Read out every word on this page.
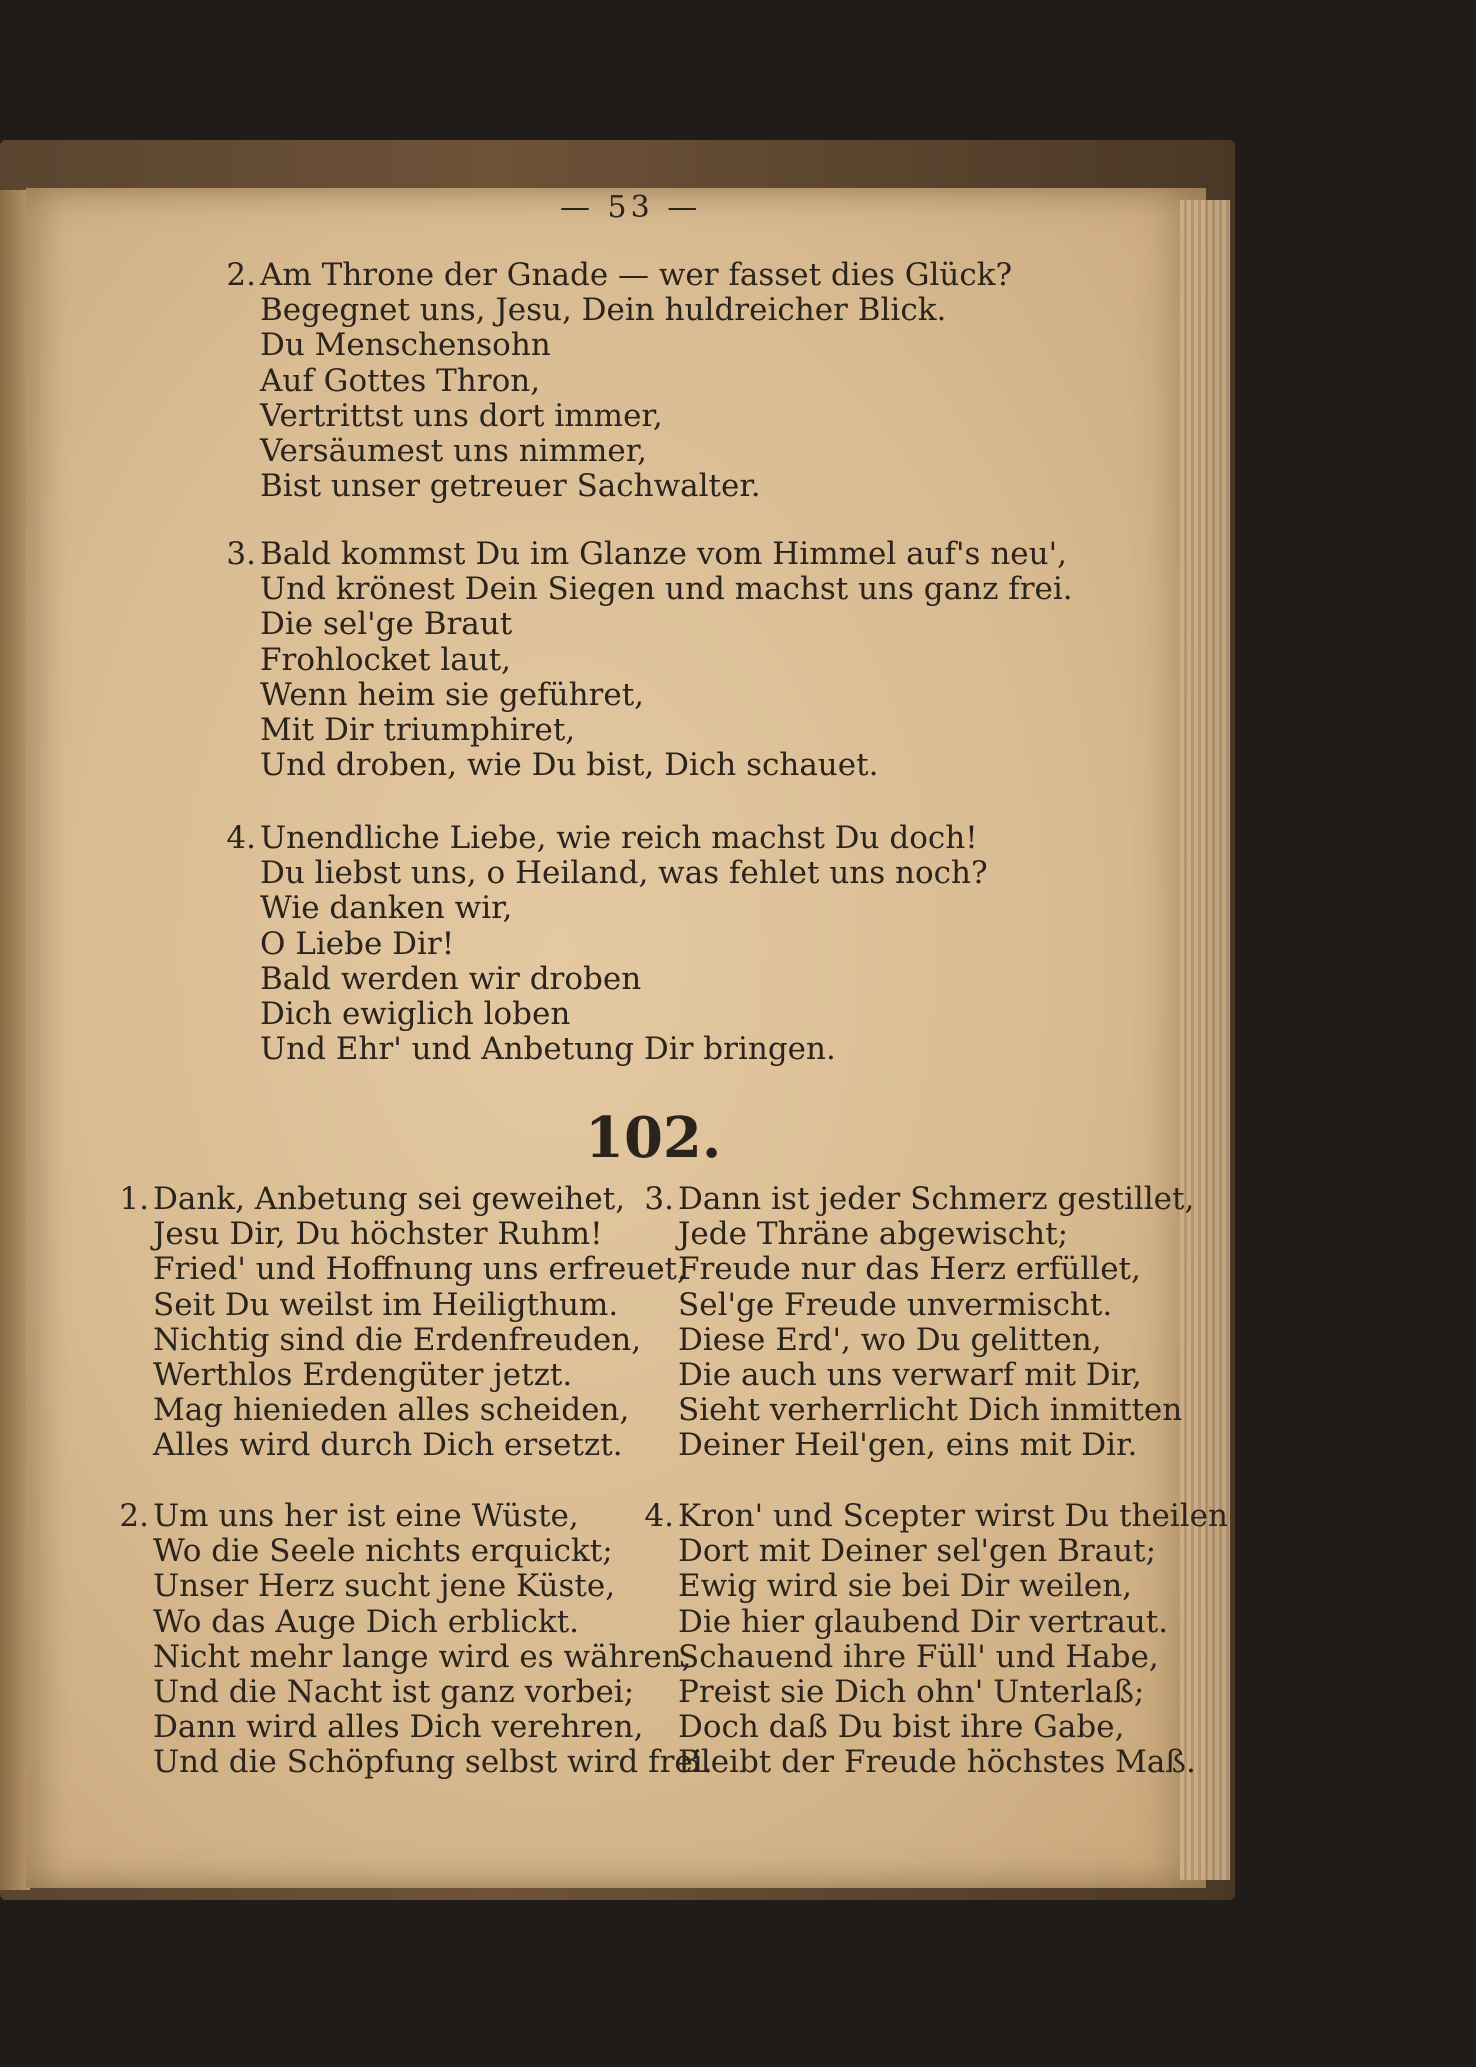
— 53 —
2. Am Throne der Gnade — wer fasset dies Glück?
Begegnet uns, Jesu, Dein huldreicher Blick.
Du Menschensohn
Auf Gottes Thron,
Vertrittst uns dort immer,
Versäumest uns nimmer,
Bist unser getreuer Sachwalter.
3. Bald kommst Du im Glanze vom Himmel auf's neu',
Und krönest Dein Siegen und machst uns ganz frei.
Die sel'ge Braut
Frohlocket laut,
Wenn heim sie geführet,
Mit Dir triumphiret,
Und droben, wie Du bist, Dich schauet.
4. Unendliche Liebe, wie reich machst Du doch!
Du liebst uns, o Heiland, was fehlet uns noch?
Wie danken wir,
O Liebe Dir!
Bald werden wir droben
Dich ewiglich loben
Und Ehr' und Anbetung Dir bringen.
102.
1. Dank, Anbetung sei geweihet,
Jesu Dir, Du höchster Ruhm!
Fried' und Hoffnung uns erfreuet,
Seit Du weilst im Heiligthum.
Nichtig sind die Erdenfreuden,
Werthlos Erdengüter jetzt.
Mag hienieden alles scheiden,
Alles wird durch Dich ersetzt.
2. Um uns her ist eine Wüste,
Wo die Seele nichts erquickt;
Unser Herz sucht jene Küste,
Wo das Auge Dich erblickt.
Nicht mehr lange wird es währen,
Und die Nacht ist ganz vorbei;
Dann wird alles Dich verehren,
Und die Schöpfung selbst wird frei.
3. Dann ist jeder Schmerz gestillet,
Jede Thräne abgewischt;
Freude nur das Herz erfüllet,
Sel'ge Freude unvermischt.
Diese Erd', wo Du gelitten,
Die auch uns verwarf mit Dir,
Sieht verherrlicht Dich inmitten
Deiner Heil'gen, eins mit Dir.
4. Kron' und Scepter wirst Du theilen
Dort mit Deiner sel'gen Braut;
Ewig wird sie bei Dir weilen,
Die hier glaubend Dir vertraut.
Schauend ihre Füll' und Habe,
Preist sie Dich ohn' Unterlaß;
Doch daß Du bist ihre Gabe,
Bleibt der Freude höchstes Maß.
